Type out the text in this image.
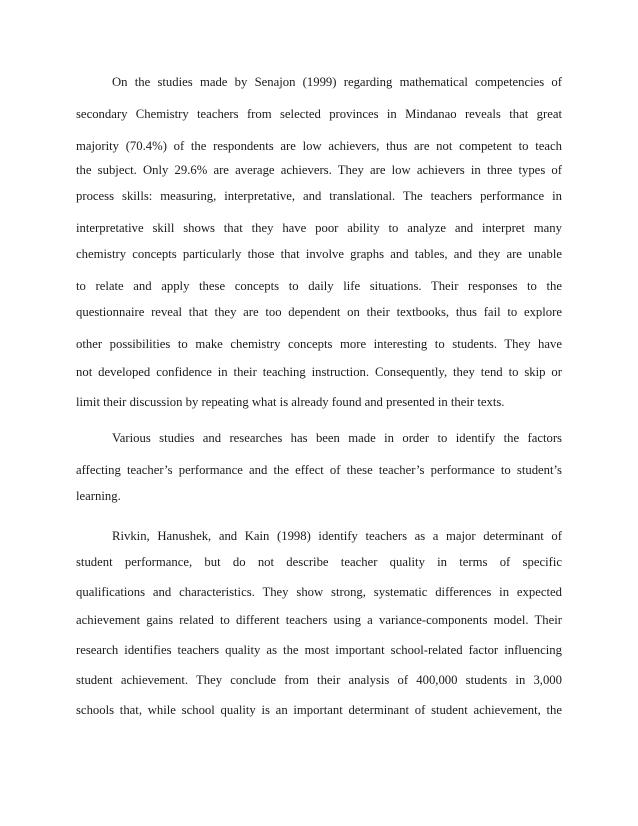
On the studies made by Senajon (1999) regarding mathematical competencies of
secondary Chemistry teachers from selected provinces in Mindanao reveals that great
majority (70.4%) of the respondents are low achievers, thus are not competent to teach
the subject. Only 29.6% are average achievers. They are low achievers in three types of
process skills: measuring, interpretative, and translational. The teachers performance in
interpretative skill shows that they have poor ability to analyze and interpret many
chemistry concepts particularly those that involve graphs and tables, and they are unable
to relate and apply these concepts to daily life situations. Their responses to the
questionnaire reveal that they are too dependent on their textbooks, thus fail to explore
other possibilities to make chemistry concepts more interesting to students. They have
not developed confidence in their teaching instruction. Consequently, they tend to skip or
limit their discussion by repeating what is already found and presented in their texts.
Various studies and researches has been made in order to identify the factors
affecting teacher’s performance and the effect of these teacher’s performance to student’s
learning.
Rivkin, Hanushek, and Kain (1998) identify teachers as a major determinant of
student performance, but do not describe teacher quality in terms of specific
qualifications and characteristics. They show strong, systematic differences in expected
achievement gains related to different teachers using a variance-components model. Their
research identifies teachers quality as the most important school-related factor influencing
student achievement. They conclude from their analysis of 400,000 students in 3,000
schools that, while school quality is an important determinant of student achievement, the
